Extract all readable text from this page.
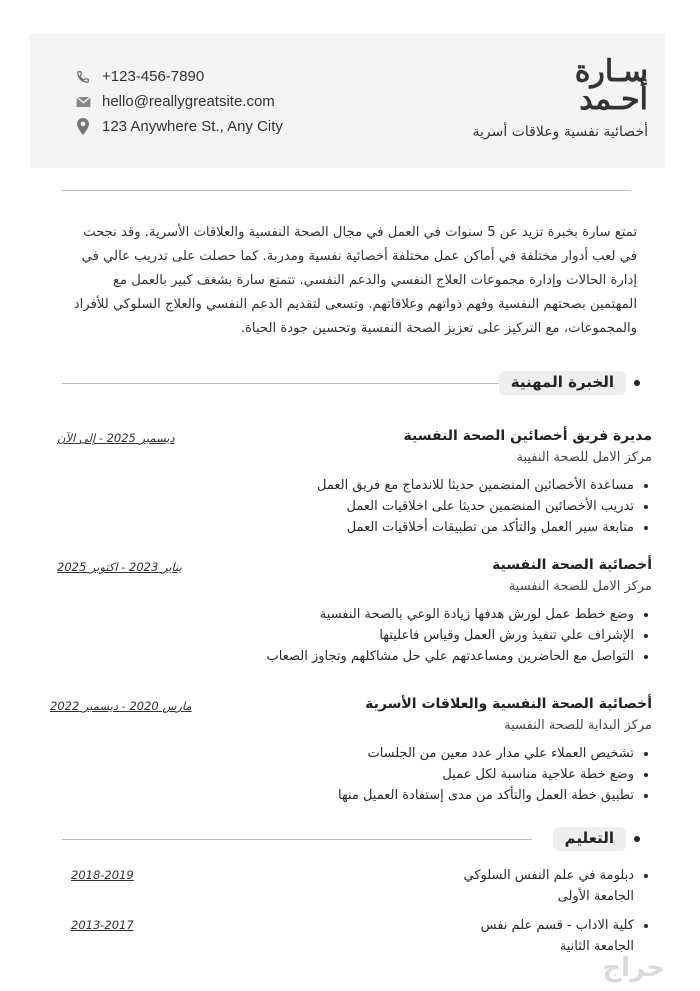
+123-456-7890
hello@reallygreatsite.com
123 Anywhere St., Any City
سـارة
أحـمد
أخصائية نفسية وعلاقات أسرية
تمتع سارة بخبرة تزيد عن 5 سنوات في العمل في مجال الصحة النفسية والعلاقات الأسرية. وقد نجحت في لعب أدوار مختلفة في أماكن عمل مختلفة أخصائية نفسية ومدربة. كما حصلت على تدريب عالي في إدارة الحالات وإدارة مجموعات العلاج النفسي والدعم النفسي. تتمتع سارة بشغف كبير بالعمل مع المهتمين بصحتهم النفسية وفهم ذواتهم وعلاقاتهم. وتسعى لتقديم الدعم النفسي والعلاج السلوكي للأفراد والمجموعات، مع التركيز على تعزيز الصحة النفسية وتحسين جودة الحياة.
الخبرة المهنية
مديرة فريق أخصائين الصحة النفسية
ديسمبر 2025 - إلى الآن
مركز الامل للصحة النفيبة
• مساعدة الأخصائين المنضمين حديثا للاندماج مع فريق العمل
• تدريب الأخصائين المنضمين حديثا على اخلاقيات العمل
• متابعة سير العمل والتأكد من تطبيقات أخلاقيات العمل
أخصائية الصحة النفسية
يناير 2023 - اكتوبر 2025
مركز الامل للصحة النفسية
• وضع خطط عمل لورش هدفها زيادة الوعي بالصحة النفسية
• الإشراف علي تنفيذ ورش العمل وقياس فاعليتها
• التواصل مع الحاضرين ومساعدتهم علي حل مشاكلهم وتجاوز الصعاب
أخصائية الصحة النفسية والعلاقات الأسرية
مارس 2020 - ديسمبر 2022
مركز البداية للصحة النفسية
• تشخيص العملاء علي مدار عدد معين من الجلسات
• وضع خطة علاجية مناسبة لكل عميل
• تطبيق خطة العمل والتأكد من مدى إستفادة العميل منها
التعليم
2018-2019	دبلومة في علم النفس السلوكي
الجامعة الأولى
2013-2017	كلية الاداب - قسم علم نفس
الجامعة الثانية
حراج
